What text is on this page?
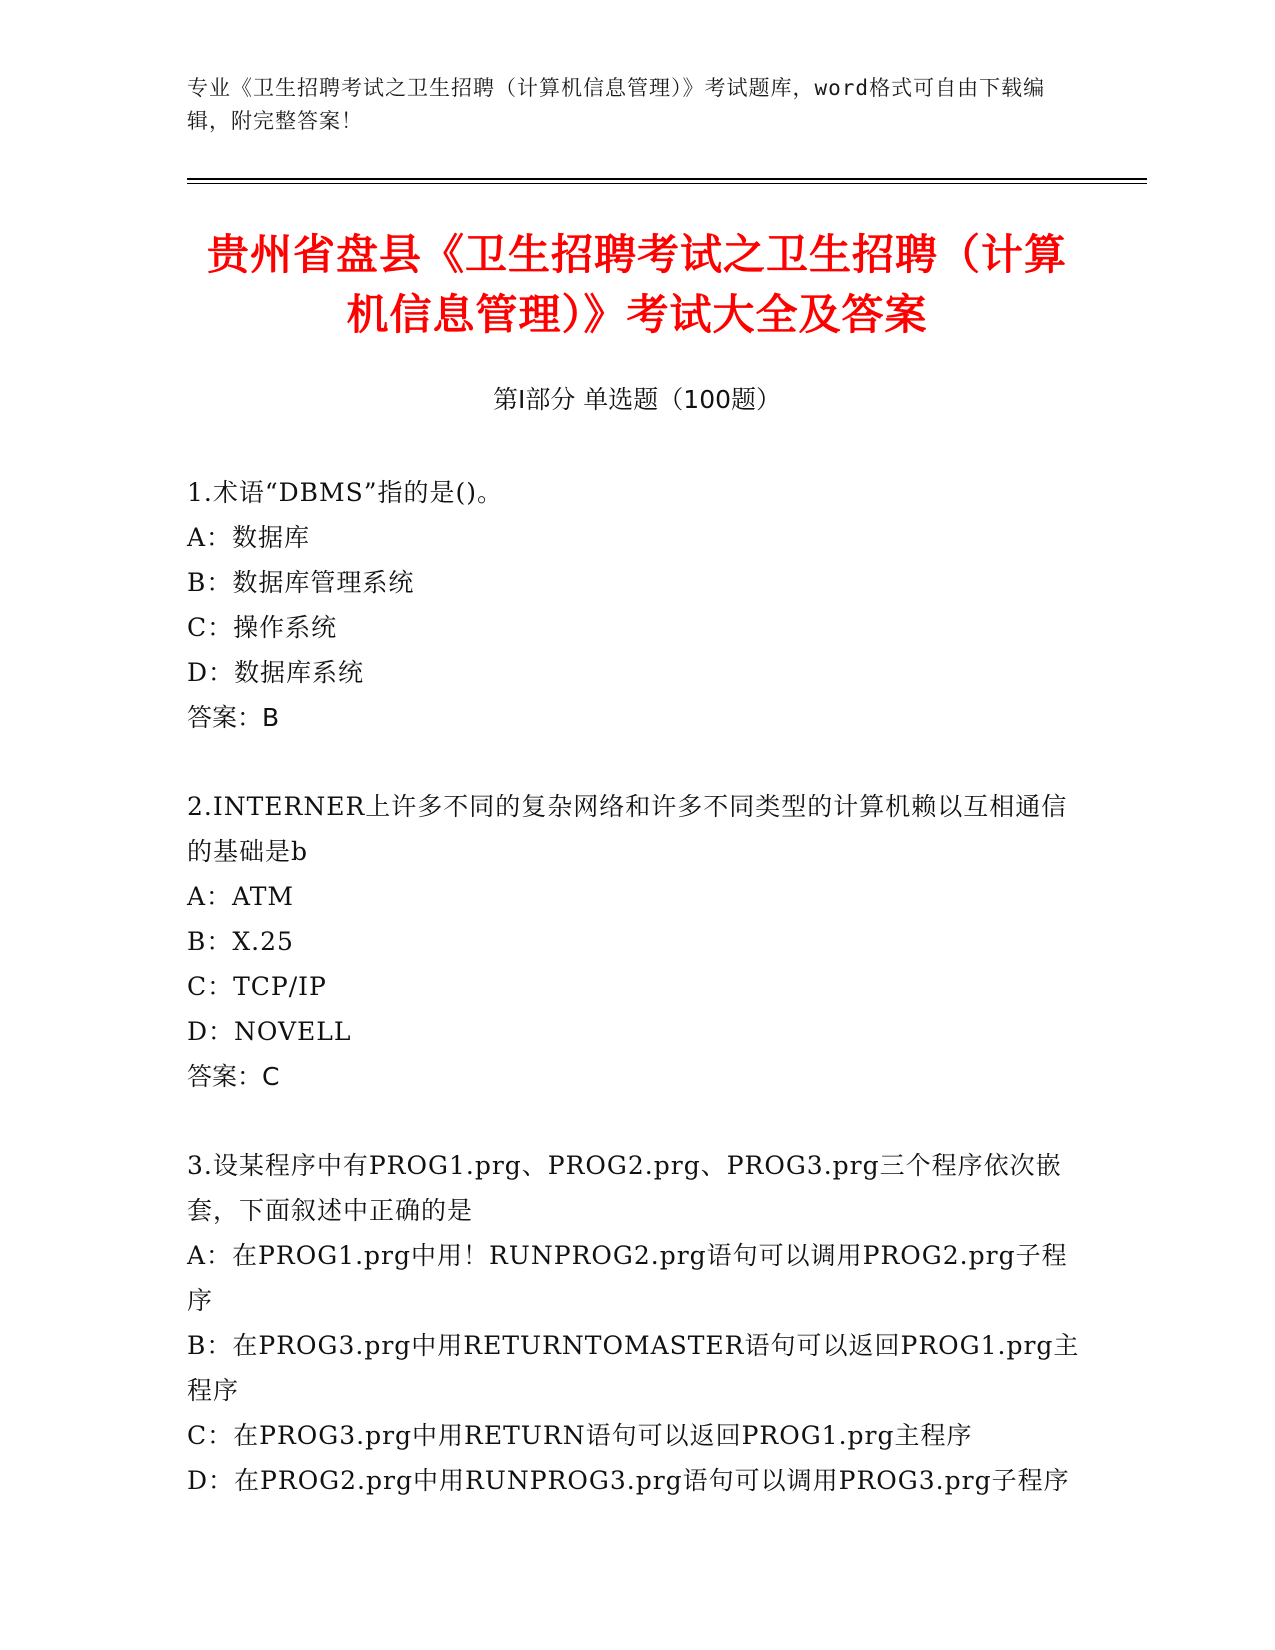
专业《卫生招聘考试之卫生招聘（计算机信息管理）》考试题库，word格式可自由下载编辑，附完整答案！
贵州省盘县《卫生招聘考试之卫生招聘（计算机信息管理）》考试大全及答案
第Ⅰ部分 单选题（100题）
1.术语“DBMS”指的是()。
A：数据库
B：数据库管理系统
C：操作系统
D：数据库系统
答案：B
2.INTERNER上许多不同的复杂网络和许多不同类型的计算机赖以互相通信的基础是b
A：ATM
B：X.25
C：TCP/IP
D：NOVELL
答案：C
3.设某程序中有PROG1.prg、PROG2.prg、PROG3.prg三个程序依次嵌套，下面叙述中正确的是
A：在PROG1.prg中用！RUNPROG2.prg语句可以调用PROG2.prg子程序
B：在PROG3.prg中用RETURNTOMASTER语句可以返回PROG1.prg主程序
C：在PROG3.prg中用RETURN语句可以返回PROG1.prg主程序
D：在PROG2.prg中用RUNPROG3.prg语句可以调用PROG3.prg子程序
